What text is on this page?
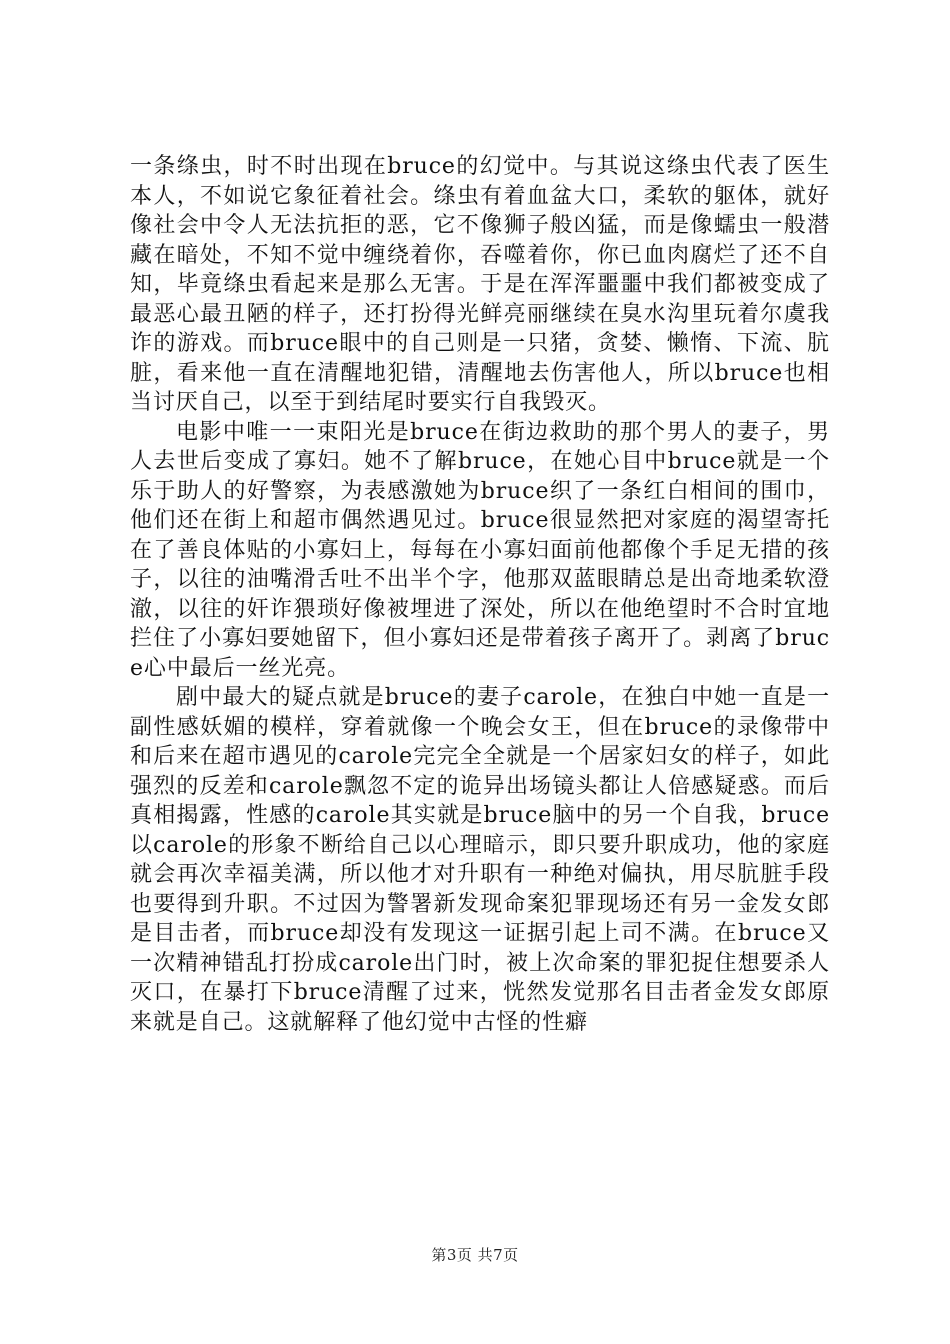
一条绦虫，时不时出现在bruce的幻觉中。与其说这绦虫代表了医生本人，不如说它象征着社会。绦虫有着血盆大口，柔软的躯体，就好像社会中令人无法抗拒的恶，它不像狮子般凶猛，而是像蠕虫一般潜藏在暗处，不知不觉中缠绕着你，吞噬着你，你已血肉腐烂了还不自知，毕竟绦虫看起来是那么无害。于是在浑浑噩噩中我们都被变成了最恶心最丑陋的样子，还打扮得光鲜亮丽继续在臭水沟里玩着尔虞我诈的游戏。而bruce眼中的自己则是一只猪，贪婪、懒惰、下流、肮脏，看来他一直在清醒地犯错，清醒地去伤害他人，所以bruce也相当讨厌自己，以至于到结尾时要实行自我毁灭。

电影中唯一一束阳光是bruce在街边救助的那个男人的妻子，男人去世后变成了寡妇。她不了解bruce，在她心目中bruce就是一个乐于助人的好警察，为表感激她为bruce织了一条红白相间的围巾，他们还在街上和超市偶然遇见过。bruce很显然把对家庭的渴望寄托在了善良体贴的小寡妇上，每每在小寡妇面前他都像个手足无措的孩子，以往的油嘴滑舌吐不出半个字，他那双蓝眼睛总是出奇地柔软澄澈，以往的奸诈猥琐好像被埋进了深处，所以在他绝望时不合时宜地拦住了小寡妇要她留下，但小寡妇还是带着孩子离开了。剥离了bruce心中最后一丝光亮。

剧中最大的疑点就是bruce的妻子carole，在独白中她一直是一副性感妖媚的模样，穿着就像一个晚会女王，但在bruce的录像带中和后来在超市遇见的carole完完全全就是一个居家妇女的样子，如此强烈的反差和carole飘忽不定的诡异出场镜头都让人倍感疑惑。而后真相揭露，性感的carole其实就是bruce脑中的另一个自我，bruce以carole的形象不断给自己以心理暗示，即只要升职成功，他的家庭就会再次幸福美满，所以他才对升职有一种绝对偏执，用尽肮脏手段也要得到升职。不过因为警署新发现命案犯罪现场还有另一金发女郎是目击者，而bruce却没有发现这一证据引起上司不满。在bruce又一次精神错乱打扮成carole出门时，被上次命案的罪犯捉住想要杀人灭口，在暴打下bruce清醒了过来，恍然发觉那名目击者金发女郎原来就是自己。这就解释了他幻觉中古怪的性癖

第3页 共7页
